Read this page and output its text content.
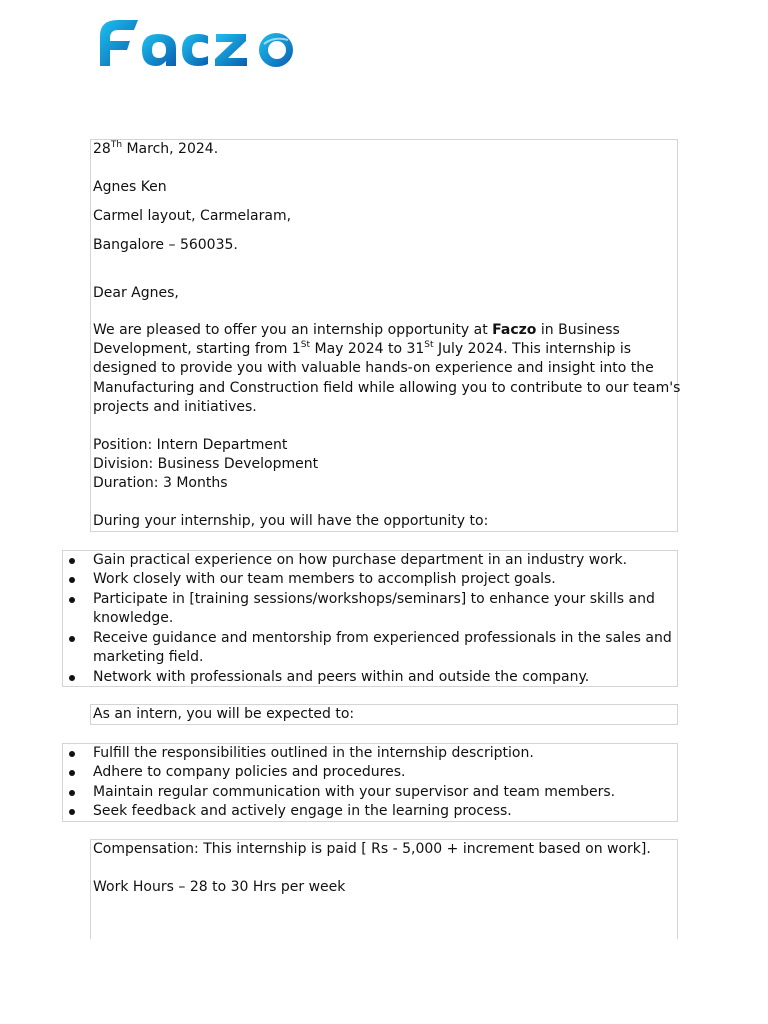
28Th March, 2024.
Agnes Ken
Carmel layout, Carmelaram,
Bangalore – 560035.
Dear Agnes,
We are pleased to offer you an internship opportunity at Faczo in Business
Development, starting from 1St May 2024 to 31St July 2024. This internship is
designed to provide you with valuable hands-on experience and insight into the
Manufacturing and Construction field while allowing you to contribute to our team's
projects and initiatives.
Position: Intern Department
Division: Business Development
Duration: 3 Months
During your internship, you will have the opportunity to:
Gain practical experience on how purchase department in an industry work.
Work closely with our team members to accomplish project goals.
Participate in [training sessions/workshops/seminars] to enhance your skills and
knowledge.
Receive guidance and mentorship from experienced professionals in the sales and
marketing field.
Network with professionals and peers within and outside the company.
As an intern, you will be expected to:
Fulfill the responsibilities outlined in the internship description.
Adhere to company policies and procedures.
Maintain regular communication with your supervisor and team members.
Seek feedback and actively engage in the learning process.
Compensation: This internship is paid [ Rs - 5,000 + increment based on work].
Work Hours – 28 to 30 Hrs per week
